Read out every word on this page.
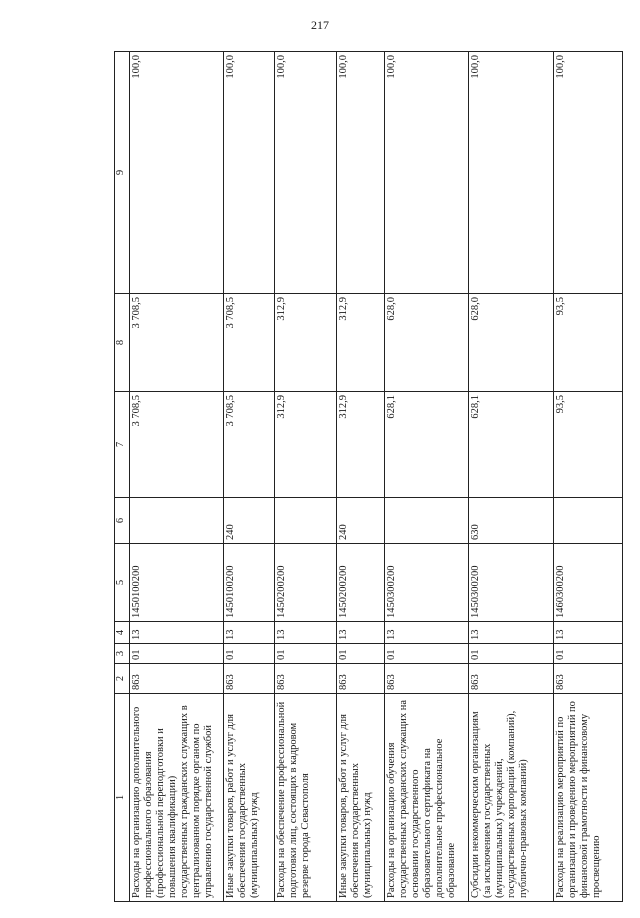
217
1	2	3	4	5	6	7	8	9
Расходы на организацию дополнительного профессионального образования (профессиональной переподготовки и повышения квалификации) государственных гражданских служащих в централизованном порядке органом по управлению государственной службой	863	01	13	1450100200		3 708,5	3 708,5	100,0
Иные закупки товаров, работ и услуг для обеспечения государственных (муниципальных) нужд	863	01	13	1450100200	240	3 708,5	3 708,5	100,0
Расходы на обеспечение профессиональной подготовки лиц, состоящих в кадровом резерве города Севастополя	863	01	13	1450200200		312,9	312,9	100,0
Иные закупки товаров, работ и услуг для обеспечения государственных (муниципальных) нужд	863	01	13	1450200200	240	312,9	312,9	100,0
Расходы на организацию обучения государственных гражданских служащих на основании государственного образовательного сертификата на дополнительное профессиональное образование	863	01	13	1450300200		628,1	628,0	100,0
Субсидии некоммерческим организациям (за исключением государственных (муниципальных) учреждений, государственных корпораций (компаний), публично-правовых компаний)	863	01	13	1450300200	630	628,1	628,0	100,0
Расходы на реализацию мероприятий по организации и проведению мероприятий по финансовой грамотности и финансовому просвещению	863	01	13	1460300200		93,5	93,5	100,0
